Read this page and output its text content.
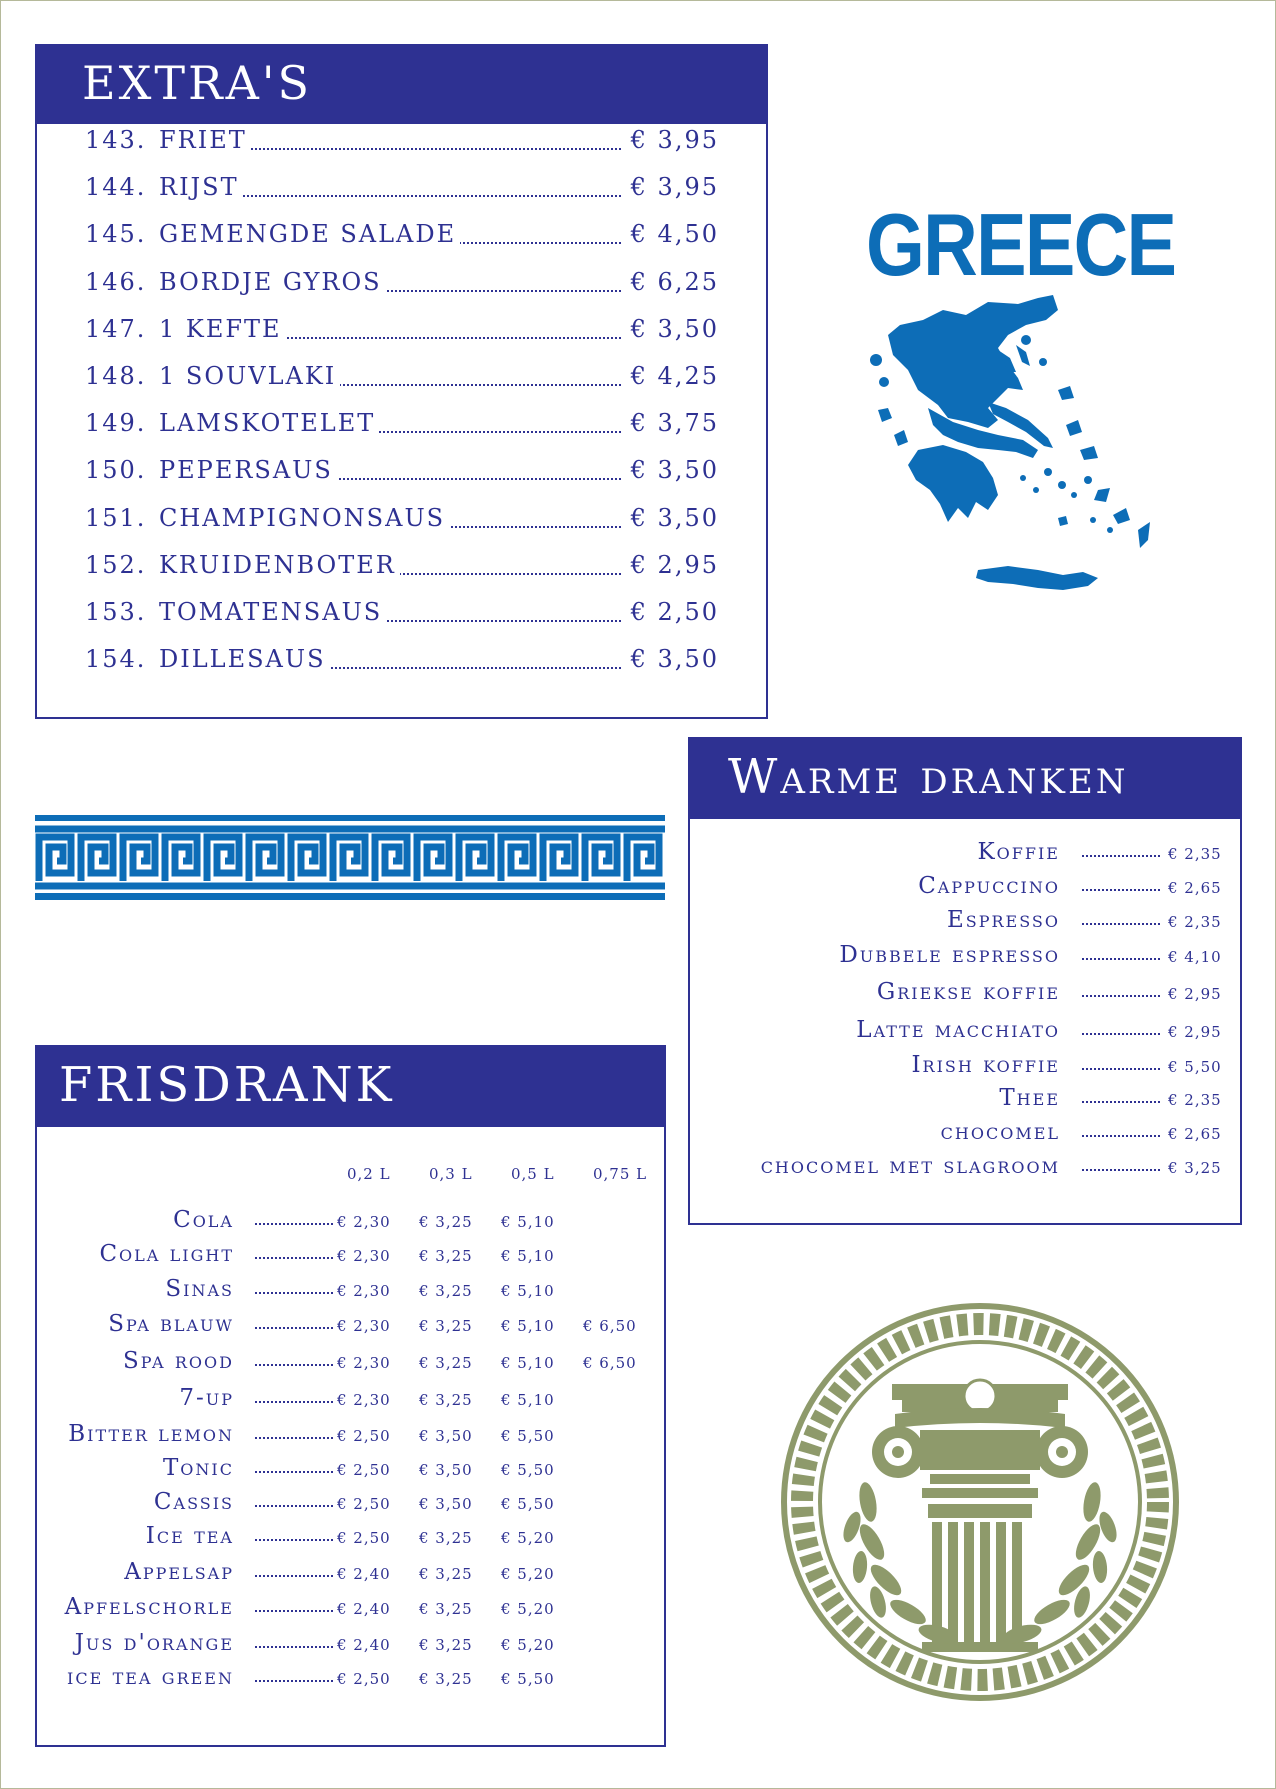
EXTRA'S
143. FRIET	€ 3,95
144. RIJST	€ 3,95
145. GEMENGDE SALADE	€ 4,50
146. BORDJE GYROS	€ 6,25
147. 1 KEFTE	€ 3,50
148. 1 SOUVLAKI	€ 4,25
149. LAMSKOTELET	€ 3,75
150. PEPERSAUS	€ 3,50
151. CHAMPIGNONSAUS	€ 3,50
152. KRUIDENBOTER	€ 2,95
153. TOMATENSAUS	€ 2,50
154. DILLESAUS	€ 3,50
GREECE
Warme dranken
Koffie	€ 2,35
Cappuccino	€ 2,65
Espresso	€ 2,35
Dubbele espresso	€ 4,10
Griekse koffie	€ 2,95
Latte macchiato	€ 2,95
Irish koffie	€ 5,50
Thee	€ 2,35
chocomel	€ 2,65
chocomel met slagroom	€ 3,25
FRISDRANK
0,2 L	0,3 L	0,5 L	0,75 L
Cola	€ 2,30 € 3,25 € 5,10
Cola light	€ 2,30 € 3,25 € 5,10
Sinas	€ 2,30 € 3,25 € 5,10
Spa blauw	€ 2,30 € 3,25 € 5,10 € 6,50
Spa rood	€ 2,30 € 3,25 € 5,10 € 6,50
7-up	€ 2,30 € 3,25 € 5,10
Bitter lemon	€ 2,50 € 3,50 € 5,50
Tonic	€ 2,50 € 3,50 € 5,50
Cassis	€ 2,50 € 3,50 € 5,50
Ice tea	€ 2,50 € 3,25 € 5,20
Appelsap	€ 2,40 € 3,25 € 5,20
Apfelschorle	€ 2,40 € 3,25 € 5,20
Jus d'orange	€ 2,40 € 3,25 € 5,20
ice tea green	€ 2,50 € 3,25 € 5,50
